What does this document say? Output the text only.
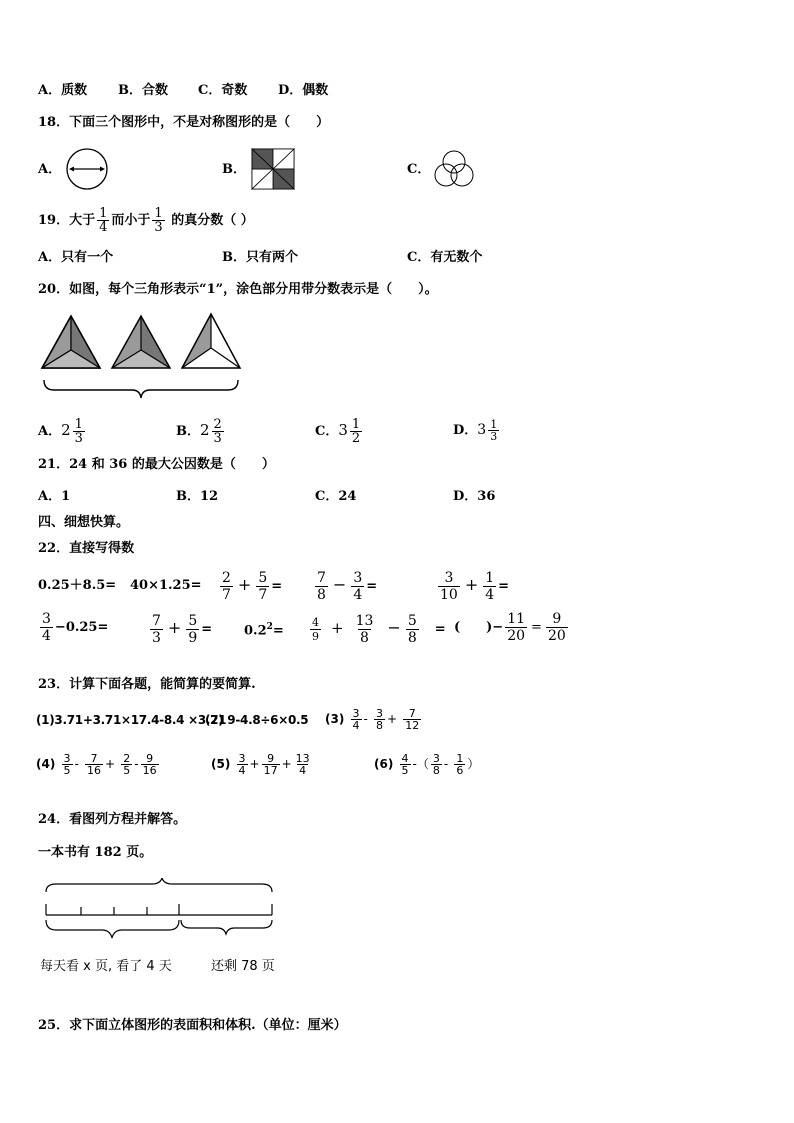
A．质数 B．合数 C．奇数 D．偶数
18．下面三个图形中，不是对称图形的是（　　）
A．	B．	C．
19．大于 $\frac{1}{4}$ 而小于 $\frac{1}{3}$ 的真分数（ ）
A．只有一个	B．只有两个	C．有无数个
20．如图，每个三角形表示“1”，涂色部分用带分数表示是（　　）。
A．$2 \frac{1}{3}$	B．$2 \frac{2}{3}$	C．$3 \frac{1}{2}$	D．$3 \frac{1}{3}$
21．24 和 36 的最大公因数是（　　）
A．1	B．12	C．24	D．36
四、细想快算。
22．直接写得数
$0.25+8.5= 40\times 1.25= \frac{2}{7} + \frac{5}{7} = \frac{7}{8} - \frac{3}{4}$ =	$\frac{3}{10} + \frac{1}{4}$ =
$\frac{3}{4} -0.25=$	$\frac{7}{3} + \frac{5}{9} = 0.2^2= \frac{4}{9} + \frac{13}{8} - \frac{5}{8}$ = (　　)− $\frac{11}{20} = \frac{9}{20}$
23．计算下面各题，能简算的要简算.
(1)3.71+3.71×17.4-8.4 ×3.71
(2) 9-4.8÷6×0.5 $(3) \frac{3}{4} - \frac{3}{8} + \frac{7}{12}$
$(4) \frac{3}{5} - \frac{7}{16} + \frac{2}{5} - \frac{9}{16}$	$(5) \frac{3}{4} + \frac{9}{17} + \frac{13}{4}$	$(6) \frac{4}{5}$ -（ $\frac{3}{8} - \frac{1}{6}$ ）
24．看图列方程并解答。
一本书有 182 页。
每天看 x 页, 看了 4 天	还剩 78 页
25．求下面立体图形的表面积和体积.（单位：厘米）
